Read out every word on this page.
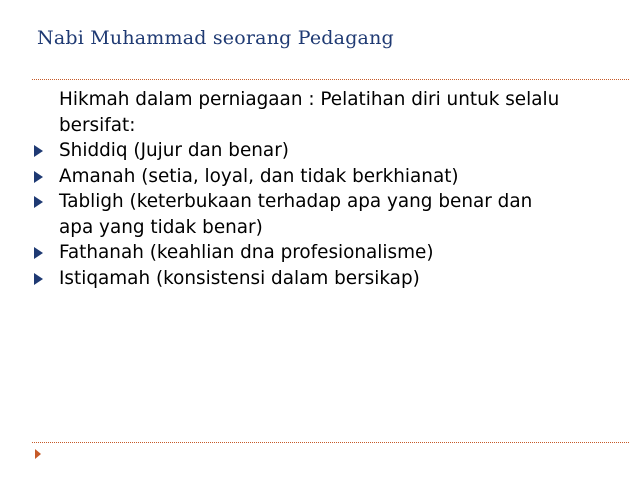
Nabi Muhammad seorang Pedagang
Hikmah dalam perniagaan : Pelatihan diri untuk selalu
bersifat:
Shiddiq (Jujur dan benar)
Amanah (setia, loyal, dan tidak berkhianat)
Tabligh (keterbukaan terhadap apa yang benar dan
apa yang tidak benar)
Fathanah (keahlian dna profesionalisme)
Istiqamah (konsistensi dalam bersikap)
